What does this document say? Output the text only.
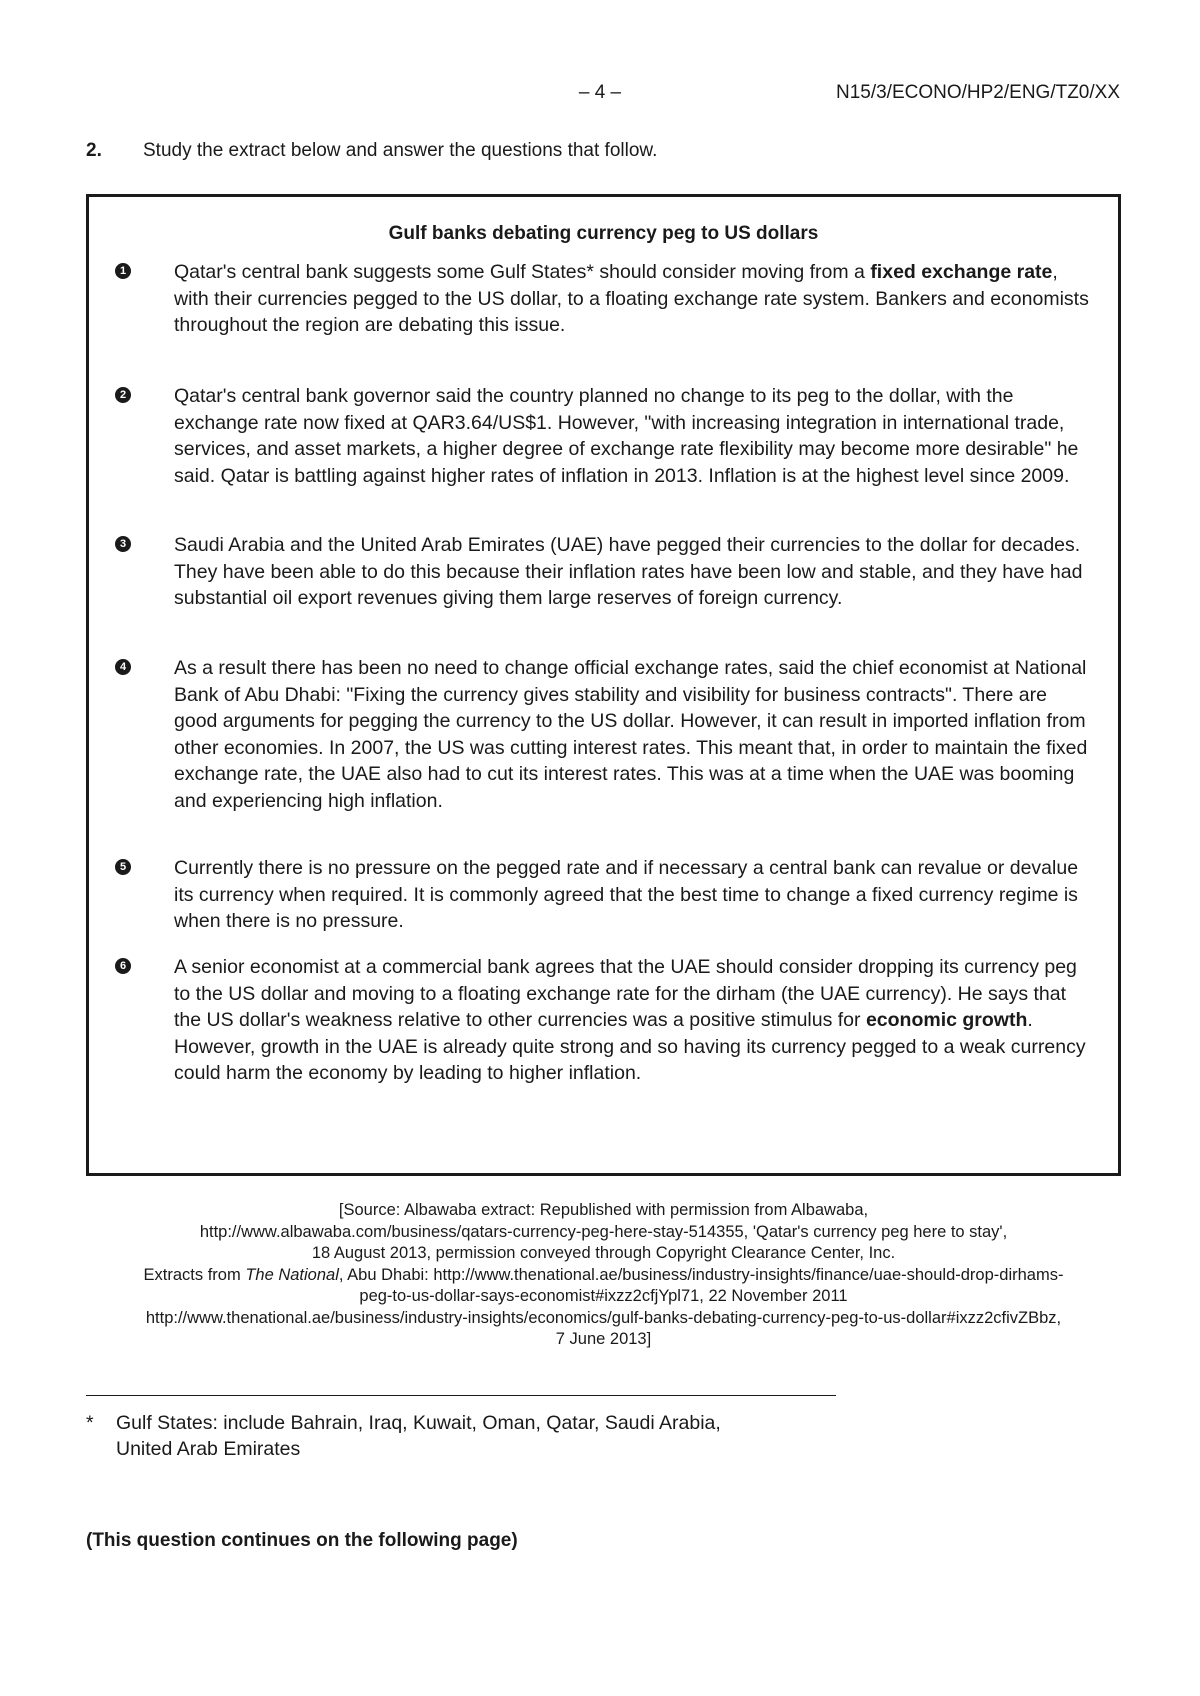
– 4 –	N15/3/ECONO/HP2/ENG/TZ0/XX
2. Study the extract below and answer the questions that follow.
Gulf banks debating currency peg to US dollars
1 Qatar's central bank suggests some Gulf States* should consider moving from a fixed exchange rate, with their currencies pegged to the US dollar, to a floating exchange rate system. Bankers and economists throughout the region are debating this issue.
2 Qatar's central bank governor said the country planned no change to its peg to the dollar, with the exchange rate now fixed at QAR3.64/US$1. However, "with increasing integration in international trade, services, and asset markets, a higher degree of exchange rate flexibility may become more desirable" he said. Qatar is battling against higher rates of inflation in 2013. Inflation is at the highest level since 2009.
3 Saudi Arabia and the United Arab Emirates (UAE) have pegged their currencies to the dollar for decades. They have been able to do this because their inflation rates have been low and stable, and they have had substantial oil export revenues giving them large reserves of foreign currency.
4 As a result there has been no need to change official exchange rates, said the chief economist at National Bank of Abu Dhabi: "Fixing the currency gives stability and visibility for business contracts". There are good arguments for pegging the currency to the US dollar. However, it can result in imported inflation from other economies. In 2007, the US was cutting interest rates. This meant that, in order to maintain the fixed exchange rate, the UAE also had to cut its interest rates. This was at a time when the UAE was booming and experiencing high inflation.
5 Currently there is no pressure on the pegged rate and if necessary a central bank can revalue or devalue its currency when required. It is commonly agreed that the best time to change a fixed currency regime is when there is no pressure.
6 A senior economist at a commercial bank agrees that the UAE should consider dropping its currency peg to the US dollar and moving to a floating exchange rate for the dirham (the UAE currency). He says that the US dollar's weakness relative to other currencies was a positive stimulus for economic growth. However, growth in the UAE is already quite strong and so having its currency pegged to a weak currency could harm the economy by leading to higher inflation.
[Source: Albawaba extract: Republished with permission from Albawaba,
http://www.albawaba.com/business/qatars-currency-peg-here-stay-514355, 'Qatar's currency peg here to stay',
18 August 2013, permission conveyed through Copyright Clearance Center, Inc.
Extracts from The National, Abu Dhabi: http://www.thenational.ae/business/industry-insights/finance/uae-should-drop-dirhams-
peg-to-us-dollar-says-economist#ixzz2cfjYpl71, 22 November 2011
http://www.thenational.ae/business/industry-insights/economics/gulf-banks-debating-currency-peg-to-us-dollar#ixzz2cfivZBbz,
7 June 2013]
* Gulf States: include Bahrain, Iraq, Kuwait, Oman, Qatar, Saudi Arabia,
United Arab Emirates
(This question continues on the following page)
